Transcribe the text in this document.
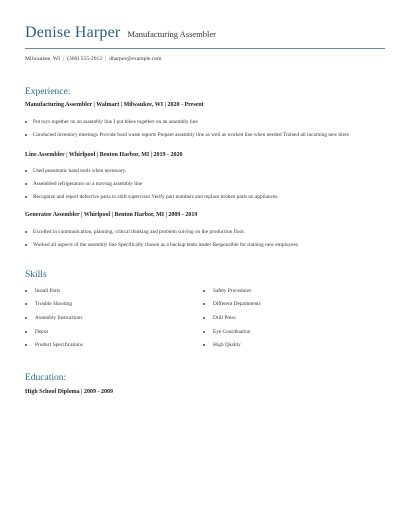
Denise Harper Manufacturing Assembler
Milwaukee, WI | (300) 555-2013 | dharper@example.com
Experience:
Manufacturing Assembler | Walmart | Milwaukee, WI | 2020 - Present
Put toys together on an assembly line I put bikes together on an assembly line
Conducted inventory meetings Provide food waste reports Prepare assembly line as well as worked line when needed Trained all incoming new hires
Line Assembler | Whirlpool | Benton Harbor, MI | 2019 - 2020
Used pneumatic hand tools when necessary.
Assembled refrigerators on a moving assembly line
Recognize and report defective parts to shift supervisor Verify part numbers and replace broken parts on appliances.
Generator Assembler | Whirlpool | Benton Harbor, MI | 2009 - 2019
Excelled in communication, planning, critical thinking and problem solving on the production floor.
Worked all aspects of the assembly line Specifically chosen as a backup team leader Responsible for training new employees
Skills
Install Parts
Trouble Shooting
Assembly Instructions
Depot
Product Specifications
Safety Procedures
Different Departments
Drill Press
Eye Coordination
High Quality
Education:
High School Diploma | 2009 - 2009
